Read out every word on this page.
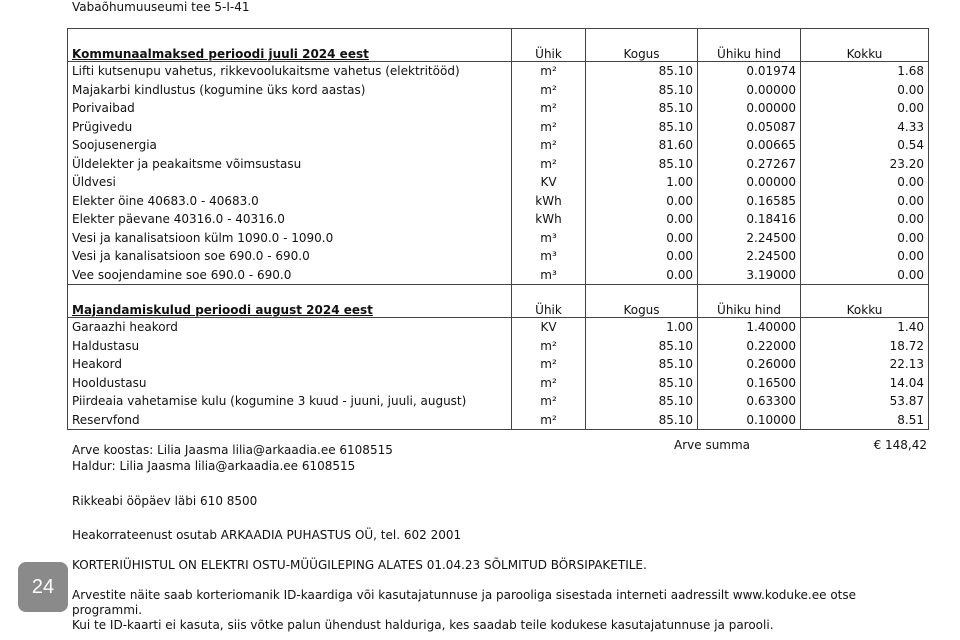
Vabaõhumuuseumi tee 5-I-41
Kommunaalmaksed perioodi juuli 2024 eest	Ühik	Kogus	Ühiku hind	Kokku
Lifti kutsenupu vahetus, rikkevoolukaitsme vahetus (elektritööd)	m²	85.10	0.01974	1.68
Majakarbi kindlustus (kogumine üks kord aastas)	m²	85.10	0.00000	0.00
Porivaibad	m²	85.10	0.00000	0.00
Prügivedu	m²	85.10	0.05087	4.33
Soojusenergia	m²	81.60	0.00665	0.54
Üldelekter ja peakaitsme võimsustasu	m²	85.10	0.27267	23.20
Üldvesi	KV	1.00	0.00000	0.00
Elekter öine 40683.0 - 40683.0	kWh	0.00	0.16585	0.00
Elekter päevane 40316.0 - 40316.0	kWh	0.00	0.18416	0.00
Vesi ja kanalisatsioon külm 1090.0 - 1090.0	m³	0.00	2.24500	0.00
Vesi ja kanalisatsioon soe 690.0 - 690.0	m³	0.00	2.24500	0.00
Vee soojendamine soe 690.0 - 690.0	m³	0.00	3.19000	0.00
Majandamiskulud perioodi august 2024 eest	Ühik	Kogus	Ühiku hind	Kokku
Garaazhi heakord	KV	1.00	1.40000	1.40
Haldustasu	m²	85.10	0.22000	18.72
Heakord	m²	85.10	0.26000	22.13
Hooldustasu	m²	85.10	0.16500	14.04
Piirdeaia vahetamise kulu (kogumine 3 kuud - juuni, juuli, august)	m²	85.10	0.63300	53.87
Reservfond	m²	85.10	0.10000	8.51
Arve koostas: Lilia Jaasma lilia@arkaadia.ee 6108515
Haldur: Lilia Jaasma lilia@arkaadia.ee 6108515
Arve summa	€ 148,42
Rikkeabi ööpäev läbi 610 8500
Heakorrateenust osutab ARKAADIA PUHASTUS OÜ, tel. 602 2001
KORTERIÜHISTUL ON ELEKTRI OSTU-MÜÜGILEPING ALATES 01.04.23 SÕLMITUD BÖRSIPAKETILE.
Arvestite näite saab korteriomanik ID-kaardiga või kasutajatunnuse ja parooliga sisestada interneti aadressilt www.koduke.ee otse
programmi.
Kui te ID-kaarti ei kasuta, siis võtke palun ühendust halduriga, kes saadab teile kodukese kasutajatunnuse ja parooli.
24
